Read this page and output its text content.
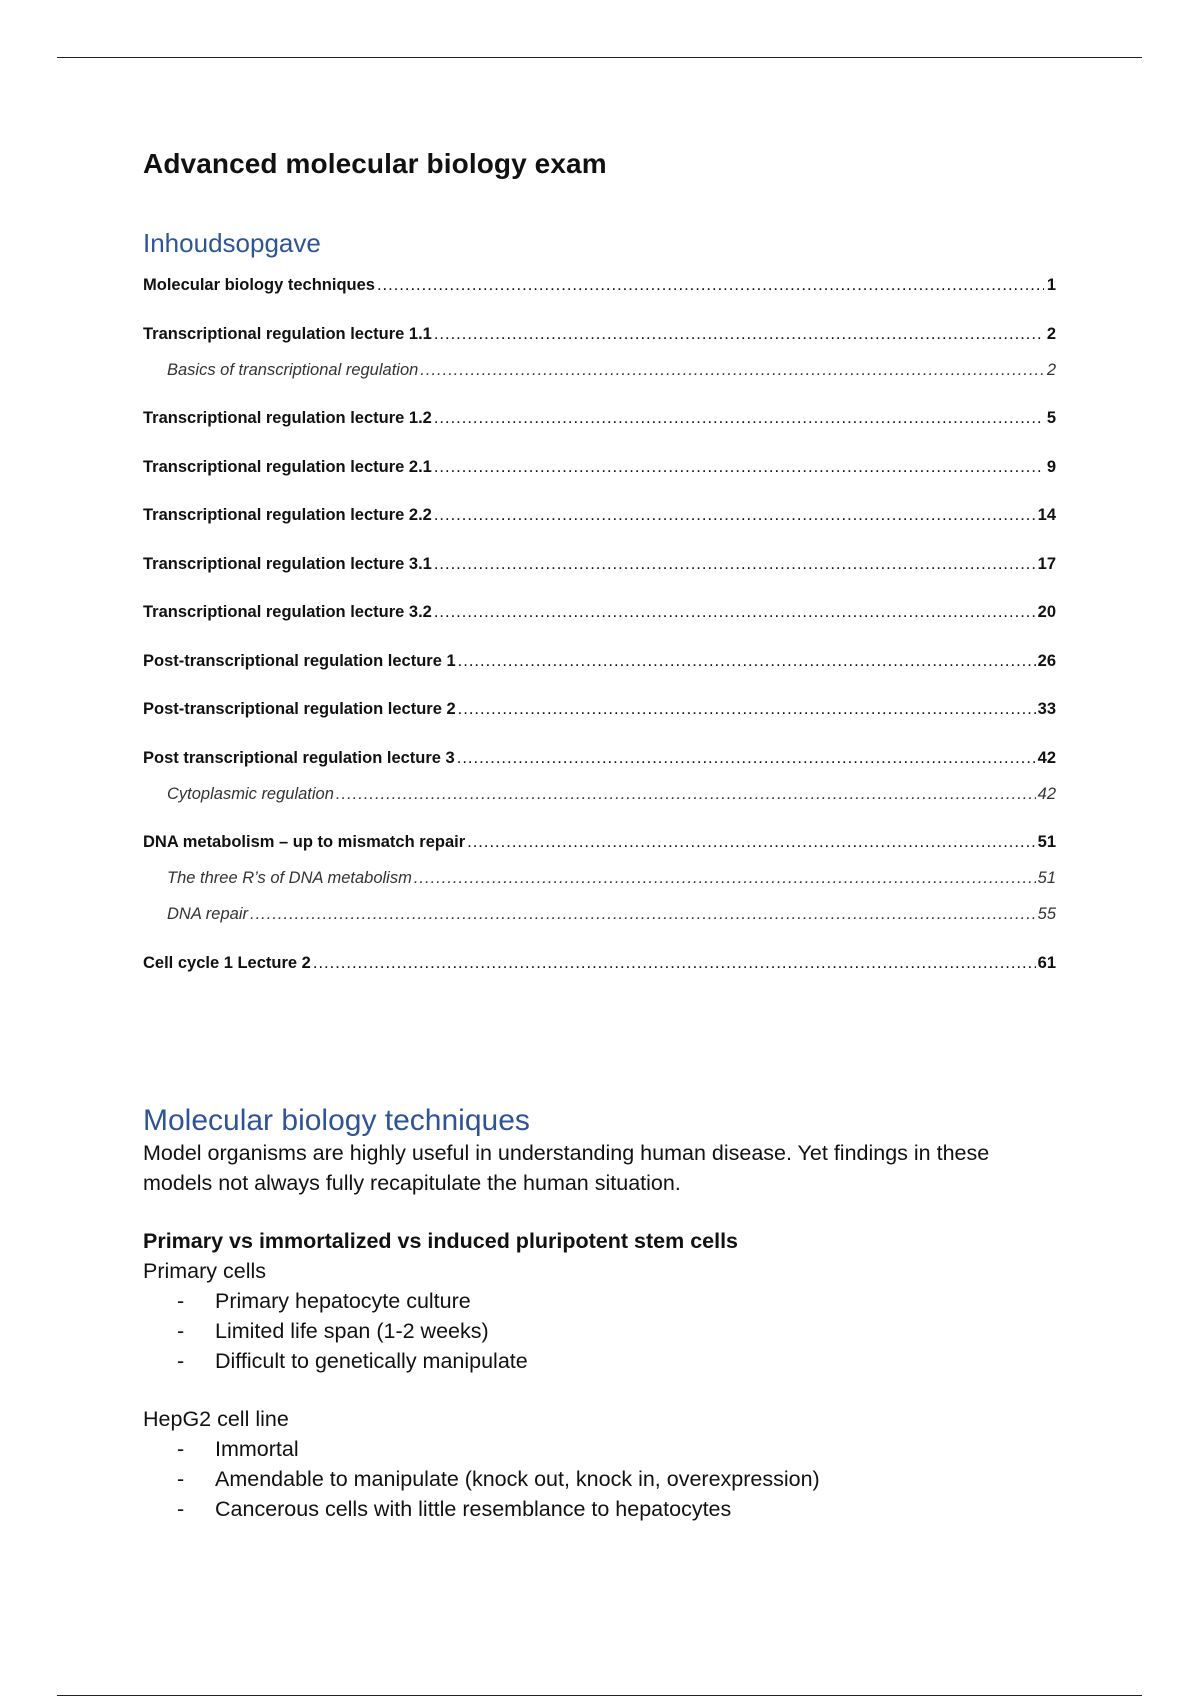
Advanced molecular biology exam
Inhoudsopgave
Molecular biology techniques .....	1
Transcriptional regulation lecture 1.1 .....	2
Basics of transcriptional regulation .....	2
Transcriptional regulation lecture 1.2 .....	5
Transcriptional regulation lecture 2.1 .....	9
Transcriptional regulation lecture 2.2 .....	14
Transcriptional regulation lecture 3.1 .....	17
Transcriptional regulation lecture 3.2 .....	20
Post-transcriptional regulation lecture 1 .....	26
Post-transcriptional regulation lecture 2 .....	33
Post transcriptional regulation lecture 3 .....	42
Cytoplasmic regulation .....	42
DNA metabolism – up to mismatch repair .....	51
The three R’s of DNA metabolism .....	51
DNA repair .....	55
Cell cycle 1 Lecture 2 .....	61
Molecular biology techniques

Model organisms are highly useful in understanding human disease. Yet findings in these models not always fully recapitulate the human situation.

Primary vs immortalized vs induced pluripotent stem cells

Primary cells

-	Primary hepatocyte culture
-	Limited life span (1-2 weeks)
-	Difficult to genetically manipulate

HepG2 cell line

-	Immortal
-	Amendable to manipulate (knock out, knock in, overexpression)
-	Cancerous cells with little resemblance to hepatocytes
